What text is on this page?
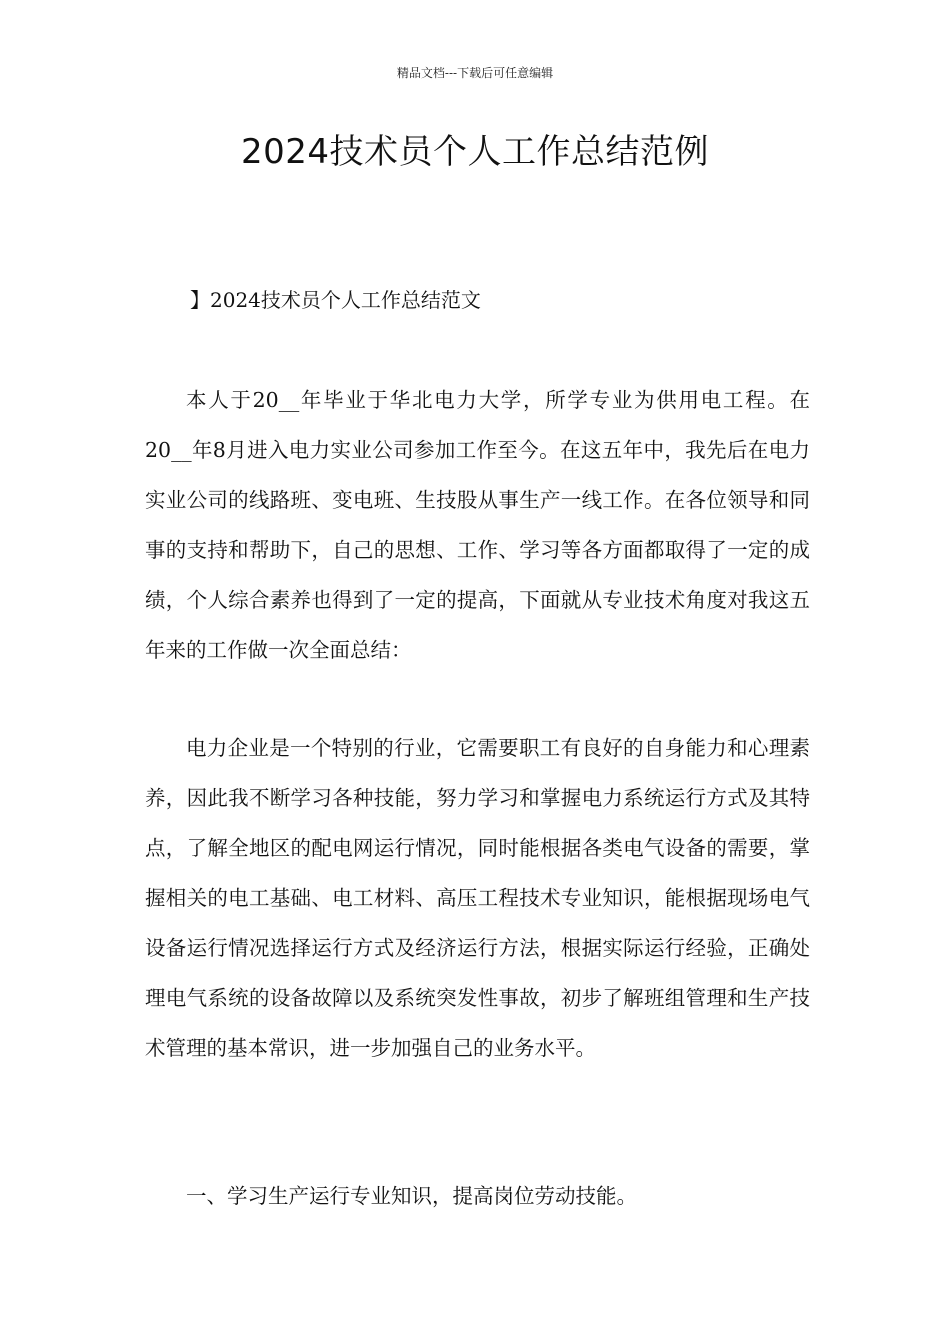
精品文档---下载后可任意编辑
2024技术员个人工作总结范例
】2024技术员个人工作总结范文

本人于20__年毕业于华北电力大学，所学专业为供用电工程。在20__年8月进入电力实业公司参加工作至今。在这五年中，我先后在电力实业公司的线路班、变电班、生技股从事生产一线工作。在各位领导和同事的支持和帮助下，自己的思想、工作、学习等各方面都取得了一定的成绩，个人综合素养也得到了一定的提高，下面就从专业技术角度对我这五年来的工作做一次全面总结：

电力企业是一个特别的行业，它需要职工有良好的自身能力和心理素养，因此我不断学习各种技能，努力学习和掌握电力系统运行方式及其特点，了解全地区的配电网运行情况，同时能根据各类电气设备的需要，掌握相关的电工基础、电工材料、高压工程技术专业知识，能根据现场电气设备运行情况选择运行方式及经济运行方法，根据实际运行经验，正确处理电气系统的设备故障以及系统突发性事故，初步了解班组管理和生产技术管理的基本常识，进一步加强自己的业务水平。

一、学习生产运行专业知识，提高岗位劳动技能。
